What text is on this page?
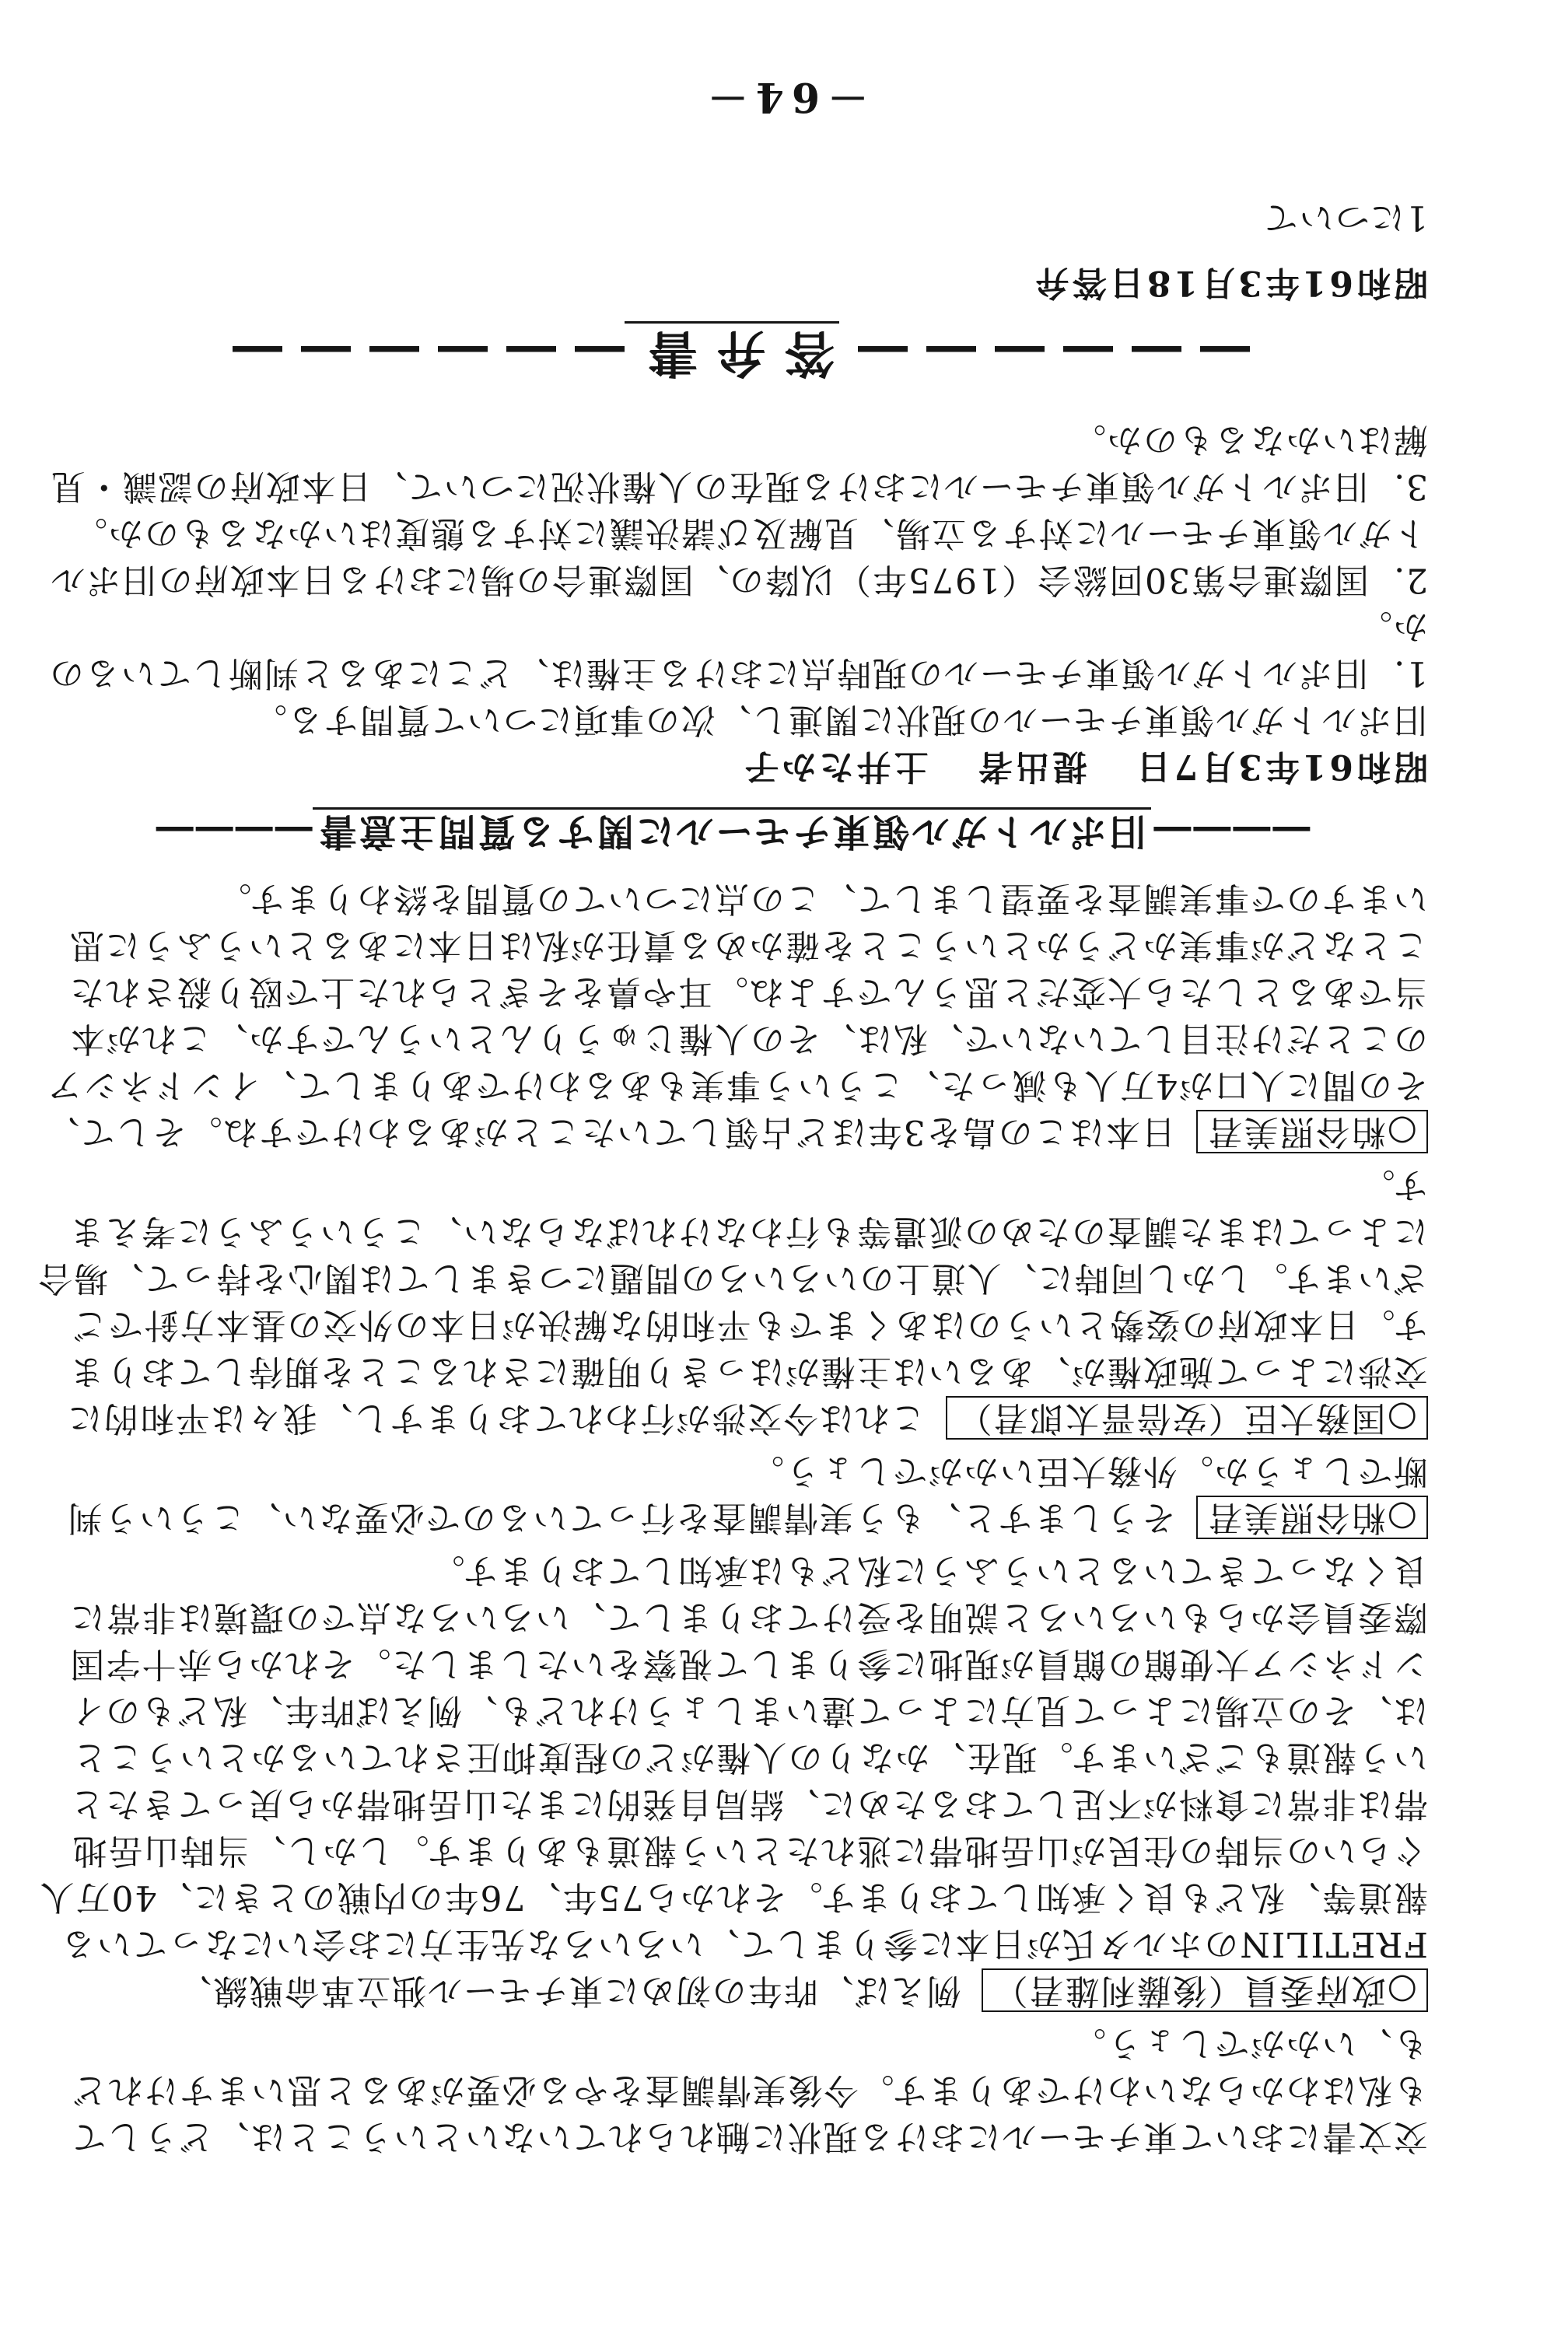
交文書において東チモールにおける現状に触れられていないということは、どうしても私はわからないわけであります。今後実情調査をやる必要があると思いますけれども、いかがでしょう。

○政府委員（後藤利雄君）例えば、昨年の初めに東チモール独立革命戦線、FRETILINのホルタ氏が日本に参りまして、いろいろな先生方にお会いになっている報道等、私ども良く承知しております。それから75年、76年の内戦のときに、40万人ぐらいの当時の住民が山岳地帯に逃れたという報道もあります。しかし、当時山岳地帯は非常に食料が不足しておるために、結局自発的にまた山岳地帯から戻ってきたという報道もございます。現在、かなりの人権がどの程度抑圧されているかということは、その立場によって見方によって違いましょうけれども、例えば昨年、私どものインドネシア大使館の館員が現地に参りまして視察をいたしました。それから赤十字国際委員会からもいろいろと説明を受けておりまして、いろいろな点での環境は非常に良くなってきているというふうに私どもは承知しております。

○粕谷照美君そうしますと、もう実情調査を行っているので必要ない、こういう判断でしょうか。外務大臣いかがでしょう。

○国務大臣（安倍晋太郎君）これは今交渉が行われておりますし、我々は平和的に交渉によって施政権が、あるいは主権がはっきり明確にされることを期待しております。日本政府の姿勢というのはあくまでも平和的な解決が日本の外交の基本方針でございます。しかし同時に、人道上のいろいろの問題につきましては関心を持って、場合によってはまた調査のための派遣等も行わなければならない、こういうふうに考えます。

○粕谷照美君日本はこの島を3年ほど占領していたことがあるわけですね。そして、その間に人口が4万人も減った、こういう事実もあるわけでありまして、インドネシアのことだけ注目していないで、私は、その人権じゅうりんというんですか、これが本当であるとしたら大変だと思うんですよね。耳や鼻をそぎとられた上で殴り殺されたことなどが事実かどうかということを確かめる責任が私は日本にあるというふうに思いますので事実調査を要望しまして、この点についての質問を終わります。

――――旧ポルトガル領東チモールに関する質問主意書――――

昭和61年3月7日提出者土井たか子

旧ポルトガル領東チモールの現状に関連し、次の事項について質問する。

1．旧ポルトガル領東チモールの現時点における主権は、どこにあると判断しているのか。

2．国際連合第30回総会（1975年）以降の、国際連合の場における日本政府の旧ポルトガル領東チモールに対する立場、見解及び諸決議に対する態度はいかなるものか。

3．旧ポルトガル領東チモールにおける現在の人権状況について、日本政府の認識・見解はいかなるものか。

――――――答弁書――――――

昭和61年3月18日答弁

1について

－64－
